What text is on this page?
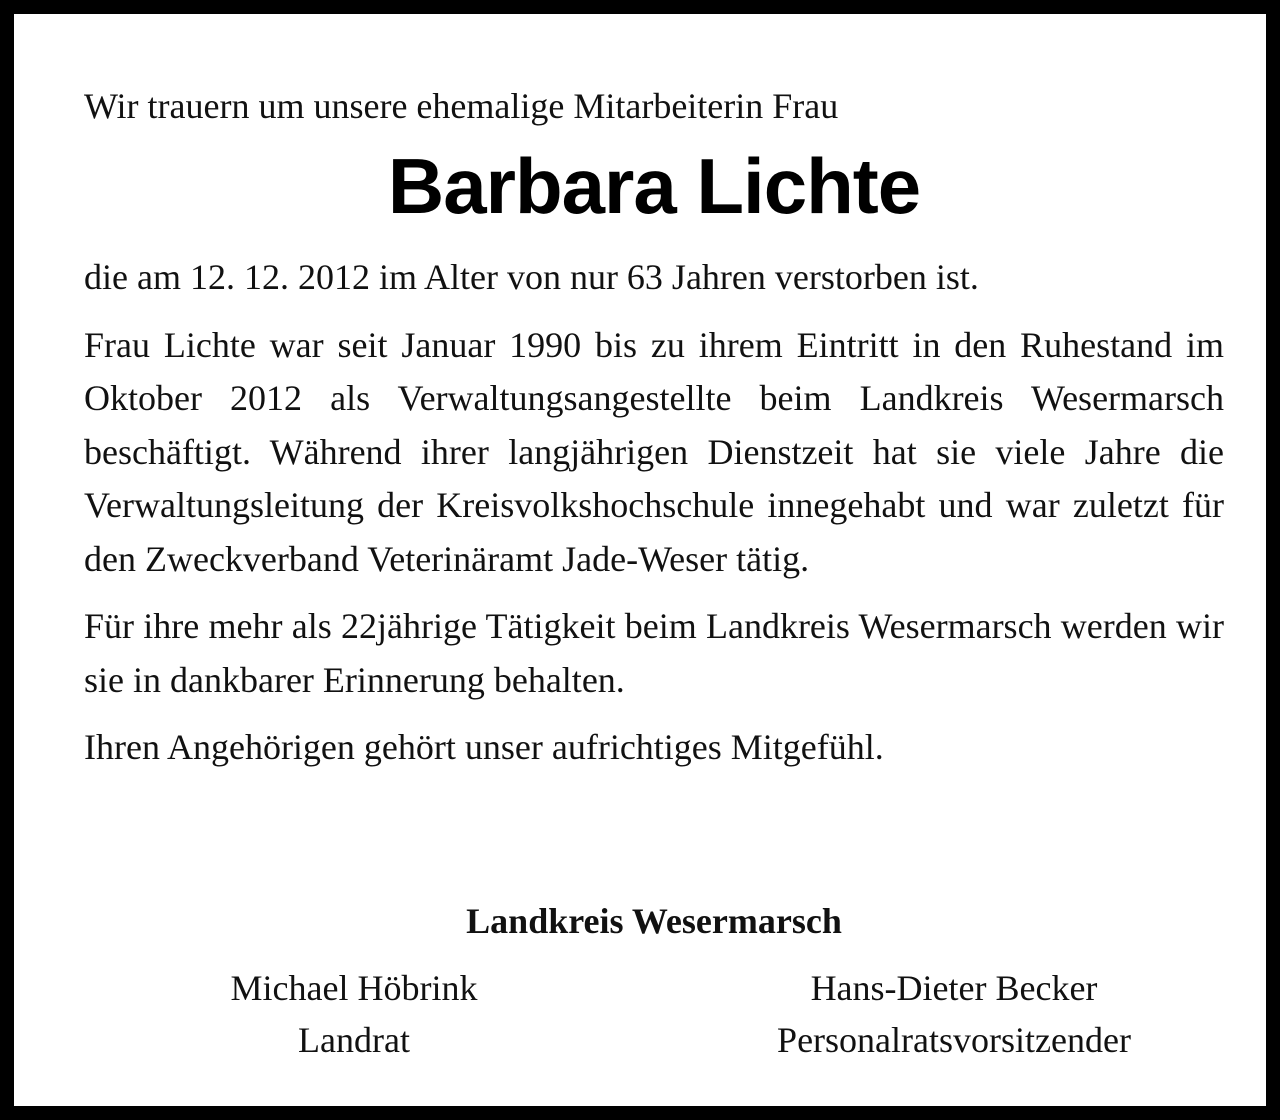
Wir trauern um unsere ehemalige Mitarbeiterin Frau

Barbara Lichte

die am 12. 12. 2012 im Alter von nur 63 Jahren verstorben ist.

Frau Lichte war seit Januar 1990 bis zu ihrem Eintritt in den Ruhestand im Oktober 2012 als Verwaltungsangestellte beim Landkreis Wesermarsch beschäftigt. Während ihrer langjährigen Dienstzeit hat sie viele Jahre die Verwaltungsleitung der Kreisvolkshochschule innegehabt und war zuletzt für den Zweckverband Veterinäramt Jade-Weser tätig.

Für ihre mehr als 22jährige Tätigkeit beim Landkreis Wesermarsch werden wir sie in dankbarer Erinnerung behalten.

Ihren Angehörigen gehört unser aufrichtiges Mitgefühl.

Landkreis Wesermarsch

Michael Höbrink
Landrat
Hans-Dieter Becker
Personalratsvorsitzender
